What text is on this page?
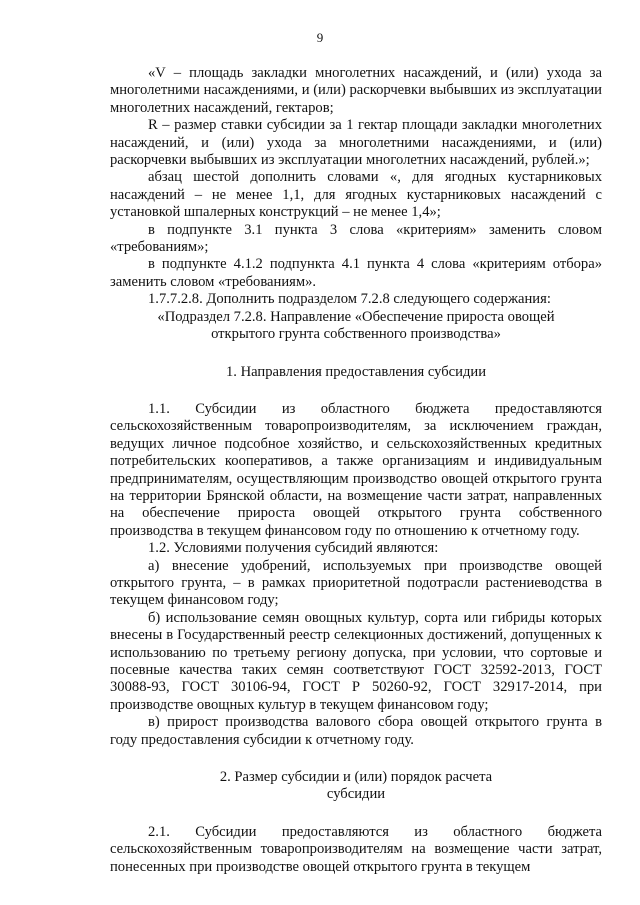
9

«V – площадь закладки многолетних насаждений, и (или) ухода за многолетними насаждениями, и (или) раскорчевки выбывших из эксплуатации многолетних насаждений, гектаров;

R – размер ставки субсидии за 1 гектар площади закладки многолетних насаждений, и (или) ухода за многолетними насаждениями, и (или) раскорчевки выбывших из эксплуатации многолетних насаждений, рублей.»;

абзац шестой дополнить словами «, для ягодных кустарниковых насаждений – не менее 1,1, для ягодных кустарниковых насаждений с установкой шпалерных конструкций – не менее 1,4»;

в подпункте 3.1 пункта 3 слова «критериям» заменить словом «требованиям»;

в подпункте 4.1.2 подпункта 4.1 пункта 4 слова «критериям отбора» заменить словом «требованиям».

1.7.7.2.8. Дополнить подразделом 7.2.8 следующего содержания:

«Подраздел 7.2.8. Направление «Обеспечение прироста овощей

открытого грунта собственного производства»

1. Направления предоставления субсидии

1.1. Субсидии из областного бюджета предоставляются сельскохозяйственным товаропроизводителям, за исключением граждан, ведущих личное подсобное хозяйство, и сельскохозяйственных кредитных потребительских кооперативов, а также организациям и индивидуальным предпринимателям, осуществляющим производство овощей открытого грунта на территории Брянской области, на возмещение части затрат, направленных на обеспечение прироста овощей открытого грунта собственного производства в текущем финансовом году по отношению к отчетному году.

1.2. Условиями получения субсидий являются:

а) внесение удобрений, используемых при производстве овощей открытого грунта, – в рамках приоритетной подотрасли растениеводства в текущем финансовом году;

б) использование семян овощных культур, сорта или гибриды которых внесены в Государственный реестр селекционных достижений, допущенных к использованию по третьему региону допуска, при условии, что сортовые и посевные качества таких семян соответствуют ГОСТ 32592-2013, ГОСТ 30088-93, ГОСТ 30106-94, ГОСТ Р 50260-92, ГОСТ 32917-2014, при производстве овощных культур в текущем финансовом году;

в) прирост производства валового сбора овощей открытого грунта в году предоставления субсидии к отчетному году.

2. Размер субсидии и (или) порядок расчета

субсидии

2.1. Субсидии предоставляются из областного бюджета сельскохозяйственным товаропроизводителям на возмещение части затрат, понесенных при производстве овощей открытого грунта в текущем
